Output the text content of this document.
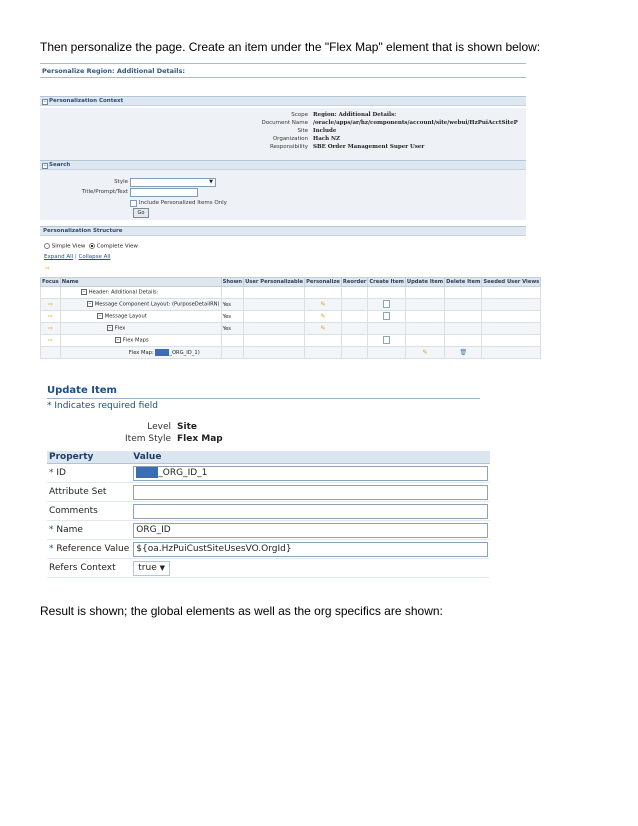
Then personalize the page. Create an item under the "Flex Map" element that is shown below:
Personalize Region: Additional Details:
− Personalization Context
Scope Region: Additional Details:
Document Name /oracle/apps/ar/hz/components/account/site/webui/HzPuiAcctSiteP
Site Include
Organization Hach NZ
Responsibility SBE Order Management Super User
− Search
Style	▼
Title/Prompt/Text
Include Personalized Items Only
Go
Personalization Structure
Simple View Complete View
Expand All | Collapse All
⇨
Focus	Name	Shown	User Personalizable	Personalize	Reorder	Create Item	Update Item	Delete Item	Seeded User Views
	− Header: Additional Details:								
⇨	− Message Component Layout: (PurposeDetailRN)	Yes		✎					
⇨	− Message Layout	Yes		✎					
⇨	− Flex	Yes		✎					
⇨	− Flex Maps								
	Flex Map: _ORG_ID_1)						✎	🗑	
Update Item
* Indicates required field
Level Site
Item Style Flex Map
Property	Value
* ID	_ORG_ID_1
Attribute Set	
Comments	
* Name	ORG_ID
* Reference Value	${oa.HzPuiCustSiteUsesVO.OrgId}
Refers Context	true ▼
Result is shown; the global elements as well as the org specifics are shown:
